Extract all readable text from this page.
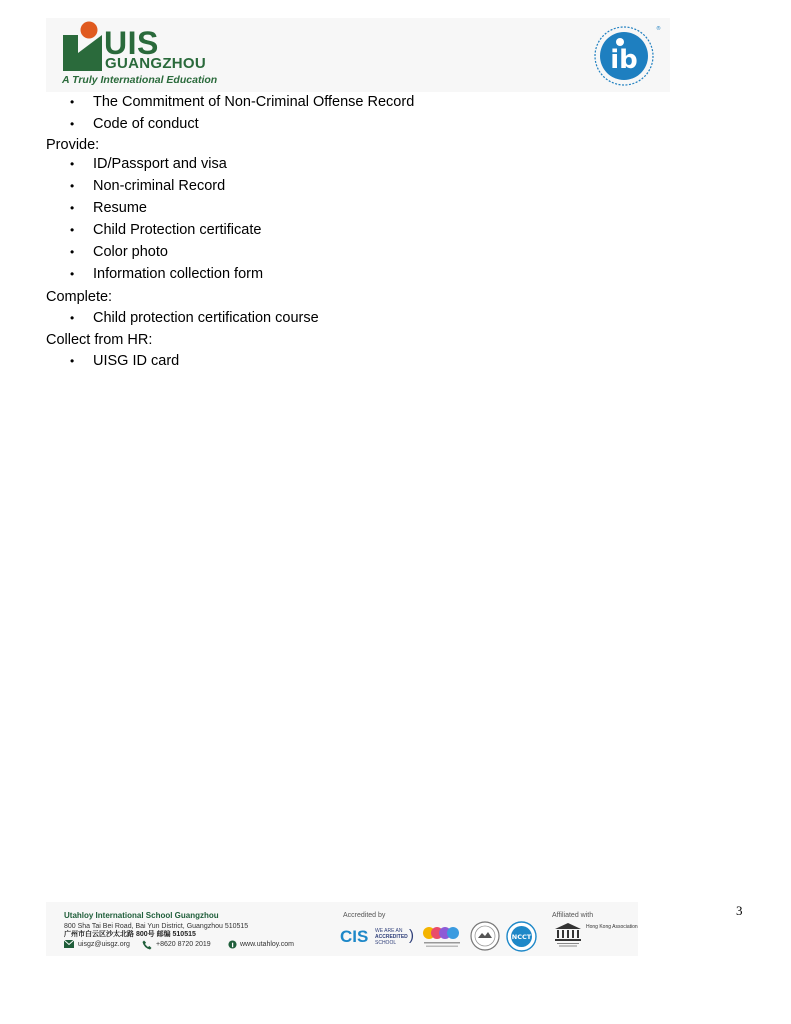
UIS
GUANGZHOU
A Truly International Education
ib
®
• The Commitment of Non-Criminal Offense Record
• Code of conduct
Provide:
• ID/Passport and visa
• Non-criminal Record
• Resume
• Child Protection certificate
• Color photo
• Information collection form
Complete:
• Child protection certification course
Collect from HR:
• UISG ID card
Utahloy International School Guangzhou
800 Sha Tai Bei Road, Bai Yun District, Guangzhou 510515
广州市白云区沙太北路 800号 邮编 510515
uisgz@uisgz.org	+8620 8720 2019	www.utahloy.com
Accredited by
CIS WE ARE AN
ACCREDITED
SCHOOL )	NCCT
Affiliated with
Hong Kong Association
3
